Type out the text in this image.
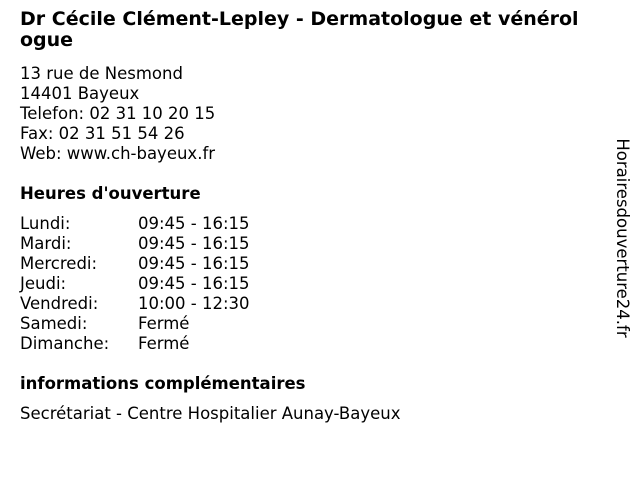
Dr Cécile Clément-Lepley - Dermatologue et vénérologue
13 rue de Nesmond
14401 Bayeux
Telefon: 02 31 10 20 15
Fax: 02 31 51 54 26
Web: www.ch-bayeux.fr
Heures d'ouverture
Lundi:	09:45 - 16:15
Mardi:	09:45 - 16:15
Mercredi: 09:45 - 16:15
Jeudi:	09:45 - 16:15
Vendredi: 10:00 - 12:30
Samedi:	Fermé
Dimanche: Fermé
informations complémentaires
Secrétariat - Centre Hospitalier Aunay-Bayeux
Horairesdouverture24.fr
